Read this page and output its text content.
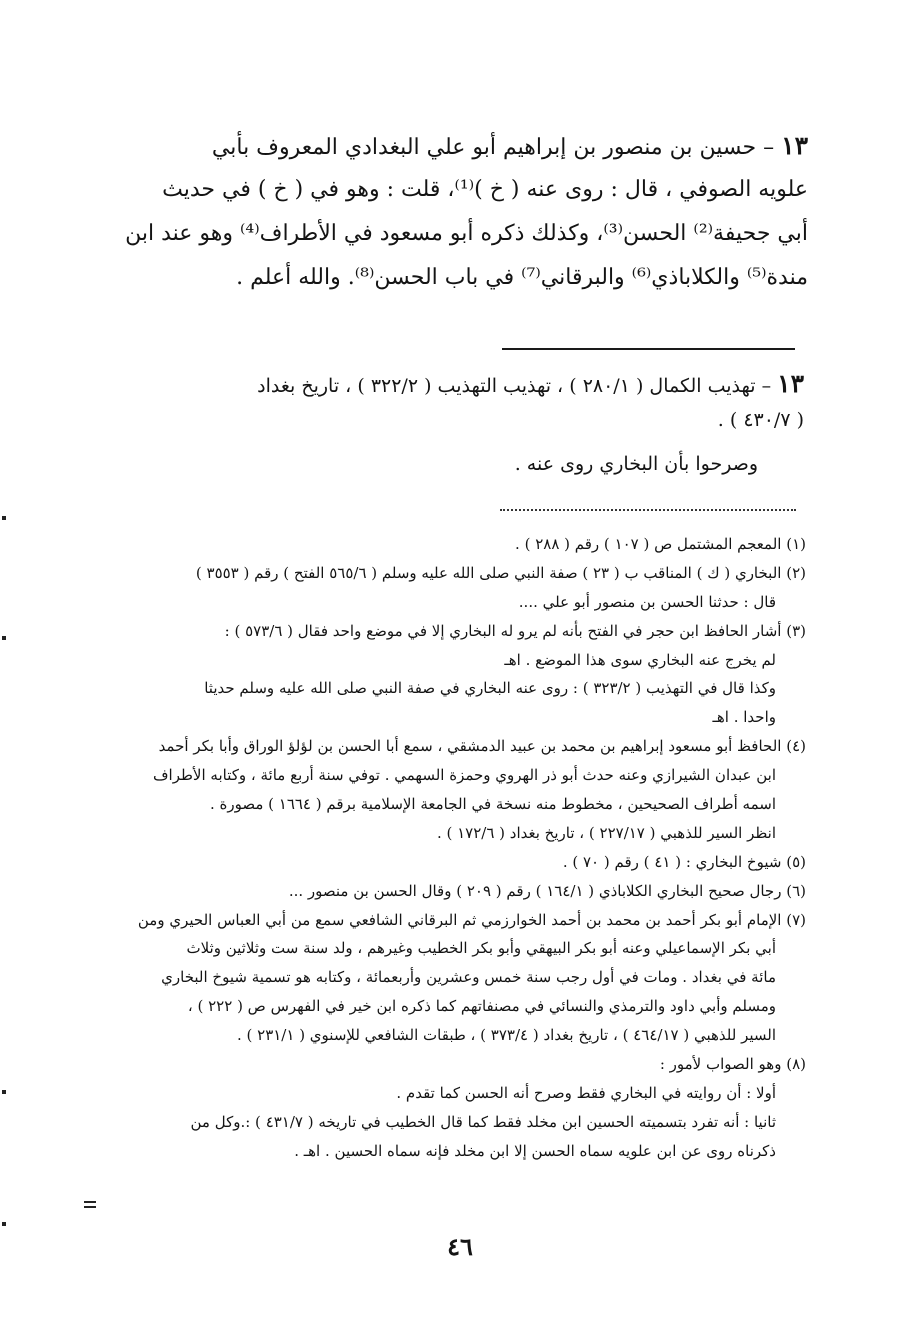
١٣ – حسين بن منصور بن إبراهيم أبو علي البغدادي المعروف بأبي
علويه الصوفي ، قال : روى عنه ( خ )⁽¹⁾، قلت : وهو في ( خ ) في حديث
أبي جحيفة⁽²⁾ الحسن⁽³⁾، وكذلك ذكره أبو مسعود في الأطراف⁽⁴⁾ وهو عند ابن
مندة⁽⁵⁾ والكلاباذي⁽⁶⁾ والبرقاني⁽⁷⁾ في باب الحسن⁽⁸⁾. والله أعلم .
١٣ – تهذيب الكمال ( ٢٨٠/١ ) ، تهذيب التهذيب ( ٣٢٢/٢ ) ، تاريخ بغداد
( ٤٣٠/٧ ) .
وصرحوا بأن البخاري روى عنه .
(١) المعجم المشتمل ص ( ١٠٧ ) رقم ( ٢٨٨ ) .
(٢) البخاري ( ك ) المناقب ب ( ٢٣ ) صفة النبي صلى الله عليه وسلم ( ٥٦٥/٦ الفتح ) رقم ( ٣٥٥٣ )
قال : حدثنا الحسن بن منصور أبو علي ....
(٣) أشار الحافظ ابن حجر في الفتح بأنه لم يرو له البخاري إلا في موضع واحد فقال ( ٥٧٣/٦ ) :
لم يخرج عنه البخاري سوى هذا الموضع . اهـ
وكذا قال في التهذيب ( ٣٢٣/٢ ) : روى عنه البخاري في صفة النبي صلى الله عليه وسلم حديثا
واحدا . اهـ
(٤) الحافظ أبو مسعود إبراهيم بن محمد بن عبيد الدمشقي ، سمع أبا الحسن بن لؤلؤ الوراق وأبا بكر أحمد
ابن عبدان الشيرازي وعنه حدث أبو ذر الهروي وحمزة السهمي . توفي سنة أربع مائة ، وكتابه الأطراف
اسمه أطراف الصحيحين ، مخطوط منه نسخة في الجامعة الإسلامية برقم ( ١٦٦٤ ) مصورة .
انظر السير للذهبي ( ٢٢٧/١٧ ) ، تاريخ بغداد ( ١٧٢/٦ ) .
(٥) شيوخ البخاري : ( ٤١ ) رقم ( ٧٠ ) .
(٦) رجال صحيح البخاري الكلاباذي ( ١٦٤/١ ) رقم ( ٢٠٩ ) وقال الحسن بن منصور ...
(٧) الإمام أبو بكر أحمد بن محمد بن أحمد الخوارزمي ثم البرقاني الشافعي سمع من أبي العباس الحيري ومن
أبي بكر الإسماعيلي وعنه أبو بكر البيهقي وأبو بكر الخطيب وغيرهم ، ولد سنة ست وثلاثين وثلاث
مائة في بغداد . ومات في أول رجب سنة خمس وعشرين وأربعمائة ، وكتابه هو تسمية شيوخ البخاري
ومسلم وأبي داود والترمذي والنسائي في مصنفاتهم كما ذكره ابن خير في الفهرس ص ( ٢٢٢ ) ،
السير للذهبي ( ٤٦٤/١٧ ) ، تاريخ بغداد ( ٣٧٣/٤ ) ، طبقات الشافعي للإسنوي ( ٢٣١/١ ) .
(٨) وهو الصواب لأمور :
أولا : أن روايته في البخاري فقط وصرح أنه الحسن كما تقدم .
ثانيا : أنه تفرد بتسميته الحسين ابن مخلد فقط كما قال الخطيب في تاريخه ( ٤٣١/٧ ) :.وكل من
ذكرناه روى عن ابن علويه سماه الحسن إلا ابن مخلد فإنه سماه الحسين . اهـ .
٤٦
